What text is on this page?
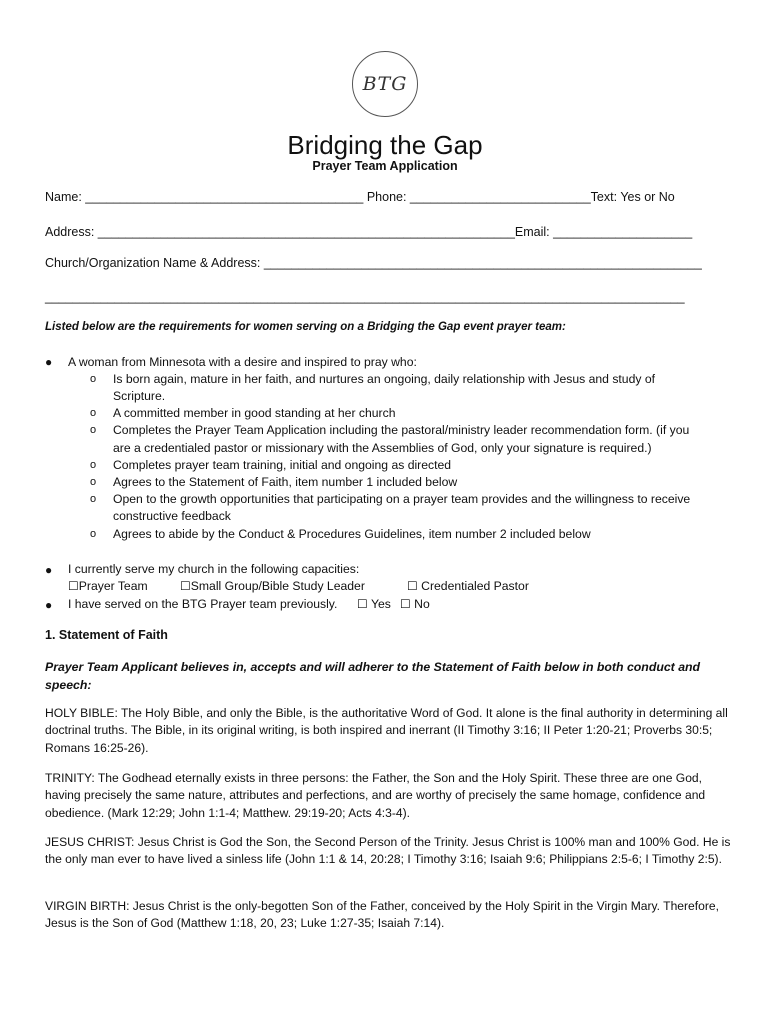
BTG
Bridging the Gap
Prayer Team Application
Name: ________________________________________ Phone: __________________________Text: Yes or No
Address: ____________________________________________________________Email: ____________________
Church/Organization Name & Address: _______________________________________________________________
____________________________________________________________________________________________
Listed below are the requirements for women serving on a Bridging the Gap event prayer team:
● A woman from Minnesota with a desire and inspired to pray who:
o Is born again, mature in her faith, and nurtures an ongoing, daily relationship with Jesus and study of
Scripture.
o A committed member in good standing at her church
o Completes the Prayer Team Application including the pastoral/ministry leader recommendation form. (if you
are a credentialed pastor or missionary with the Assemblies of God, only your signature is required.)
o Completes prayer team training, initial and ongoing as directed
o Agrees to the Statement of Faith, item number 1 included below
o Open to the growth opportunities that participating on a prayer team provides and the willingness to receive
constructive feedback
o Agrees to abide by the Conduct & Procedures Guidelines, item number 2 included below
● I currently serve my church in the following capacities:
☐Prayer Team	☐Small Group/Bible Study Leader	☐ Credentialed Pastor
● I have served on the BTG Prayer team previously. ☐ Yes ☐ No
1. Statement of Faith
Prayer Team Applicant believes in, accepts and will adherer to the Statement of Faith below in both conduct and speech:
HOLY BIBLE: The Holy Bible, and only the Bible, is the authoritative Word of God. It alone is the final authority in determining all doctrinal truths. The Bible, in its original writing, is both inspired and inerrant (II Timothy 3:16; II Peter 1:20-21; Proverbs 30:5; Romans 16:25-26).
TRINITY: The Godhead eternally exists in three persons: the Father, the Son and the Holy Spirit. These three are one God, having precisely the same nature, attributes and perfections, and are worthy of precisely the same homage, confidence and obedience. (Mark 12:29; John 1:1-4; Matthew. 29:19-20; Acts 4:3-4).
JESUS CHRIST: Jesus Christ is God the Son, the Second Person of the Trinity. Jesus Christ is 100% man and 100% God. He is the only man ever to have lived a sinless life (John 1:1 & 14, 20:28; I Timothy 3:16; Isaiah 9:6; Philippians 2:5-6; I Timothy 2:5).
VIRGIN BIRTH: Jesus Christ is the only-begotten Son of the Father, conceived by the Holy Spirit in the Virgin Mary. Therefore, Jesus is the Son of God (Matthew 1:18, 20, 23; Luke 1:27-35; Isaiah 7:14).
